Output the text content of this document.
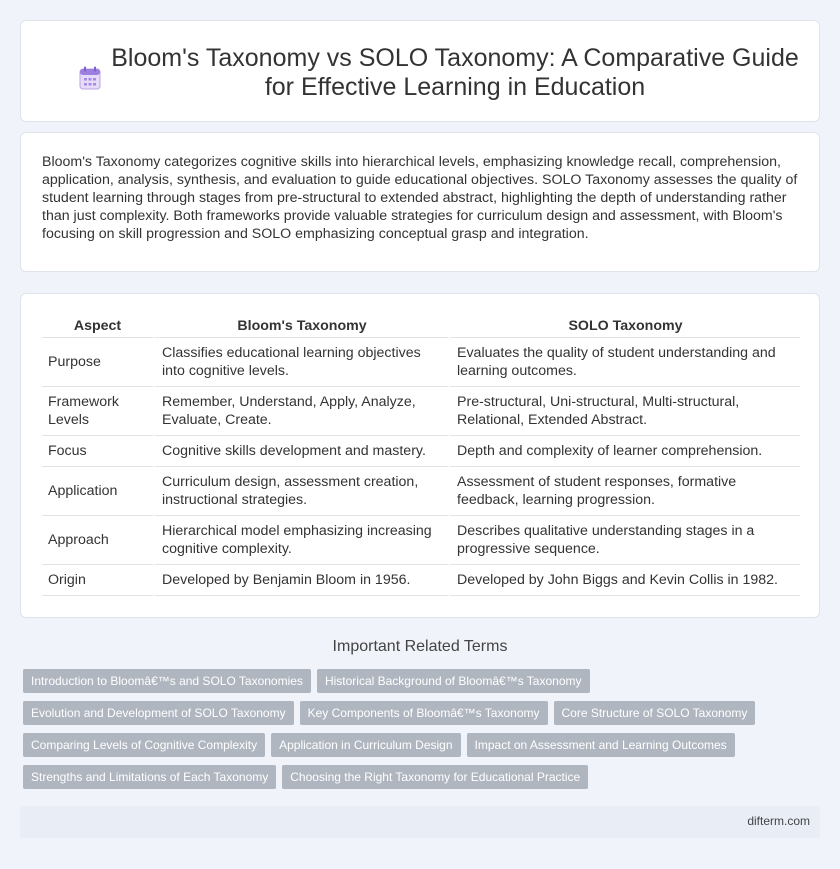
Bloom's Taxonomy vs SOLO Taxonomy: A Comparative Guide for Effective Learning in Education

Bloom's Taxonomy categorizes cognitive skills into hierarchical levels, emphasizing knowledge recall, comprehension, application, analysis, synthesis, and evaluation to guide educational objectives. SOLO Taxonomy assesses the quality of student learning through stages from pre-structural to extended abstract, highlighting the depth of understanding rather than just complexity. Both frameworks provide valuable strategies for curriculum design and assessment, with Bloom's focusing on skill progression and SOLO emphasizing conceptual grasp and integration.

Aspect	Bloom's Taxonomy	SOLO Taxonomy
Purpose	Classifies educational learning objectives into cognitive levels.	Evaluates the quality of student understanding and learning outcomes.
Framework Levels	Remember, Understand, Apply, Analyze, Evaluate, Create.	Pre-structural, Uni-structural, Multi-structural, Relational, Extended Abstract.
Focus	Cognitive skills development and mastery.	Depth and complexity of learner comprehension.
Application	Curriculum design, assessment creation, instructional strategies.	Assessment of student responses, formative feedback, learning progression.
Approach	Hierarchical model emphasizing increasing cognitive complexity.	Describes qualitative understanding stages in a progressive sequence.
Origin	Developed by Benjamin Bloom in 1956.	Developed by John Biggs and Kevin Collis in 1982.
Important Related Terms
Introduction to Bloomâ€™s and SOLO Taxonomies Historical Background of Bloomâ€™s Taxonomy
Evolution and Development of SOLO Taxonomy Key Components of Bloomâ€™s Taxonomy Core Structure of SOLO Taxonomy
Comparing Levels of Cognitive Complexity Application in Curriculum Design Impact on Assessment and Learning Outcomes
Strengths and Limitations of Each Taxonomy Choosing the Right Taxonomy for Educational Practice
difterm.com
